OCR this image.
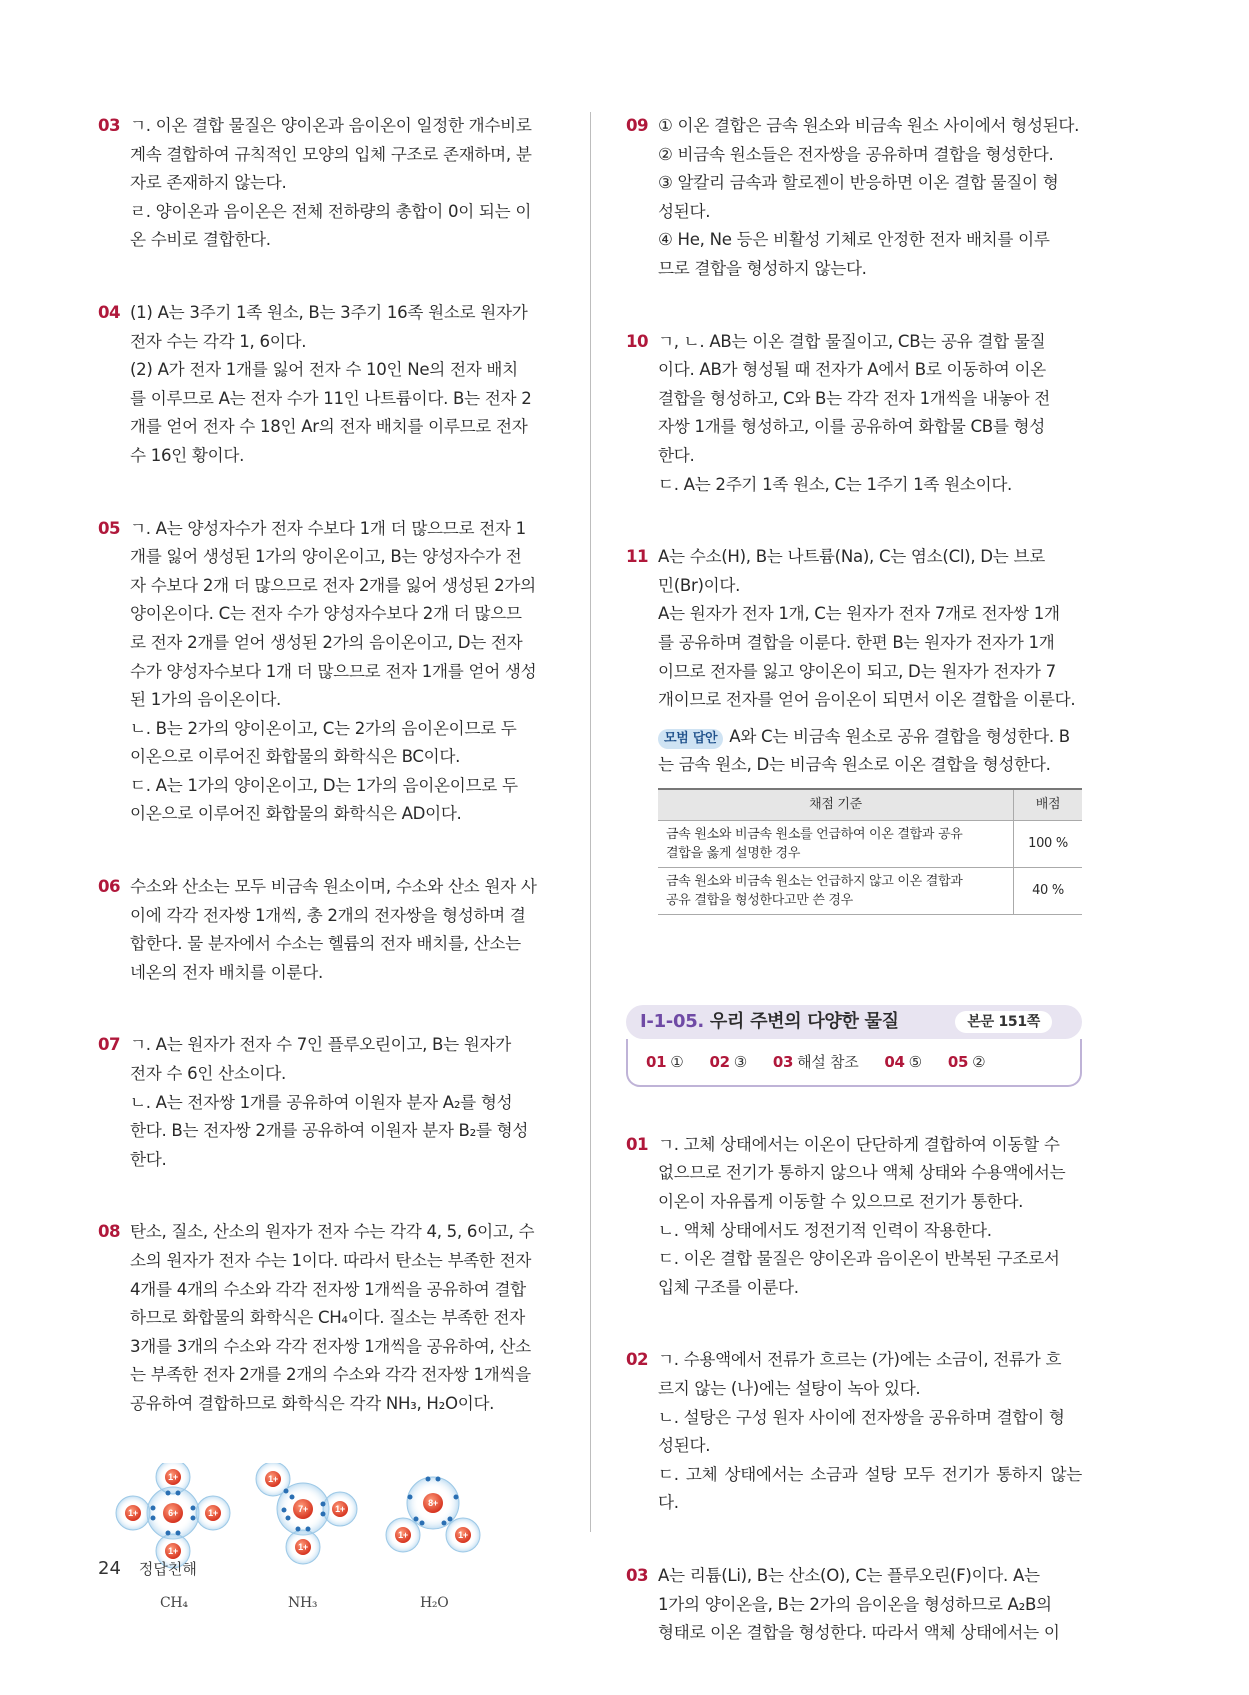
03 ㄱ. 이온 결합 물질은 양이온과 음이온이 일정한 개수비로
계속 결합하여 규칙적인 모양의 입체 구조로 존재하며, 분
자로 존재하지 않는다.
ㄹ. 양이온과 음이온은 전체 전하량의 총합이 0이 되는 이
온 수비로 결합한다.
04 (1) A는 3주기 1족 원소, B는 3주기 16족 원소로 원자가
전자 수는 각각 1, 6이다.
(2) A가 전자 1개를 잃어 전자 수 10인 Ne의 전자 배치
를 이루므로 A는 전자 수가 11인 나트륨이다. B는 전자 2
개를 얻어 전자 수 18인 Ar의 전자 배치를 이루므로 전자
수 16인 황이다.
05 ㄱ. A는 양성자수가 전자 수보다 1개 더 많으므로 전자 1
개를 잃어 생성된 1가의 양이온이고, B는 양성자수가 전
자 수보다 2개 더 많으므로 전자 2개를 잃어 생성된 2가의
양이온이다. C는 전자 수가 양성자수보다 2개 더 많으므
로 전자 2개를 얻어 생성된 2가의 음이온이고, D는 전자
수가 양성자수보다 1개 더 많으므로 전자 1개를 얻어 생성
된 1가의 음이온이다.
ㄴ. B는 2가의 양이온이고, C는 2가의 음이온이므로 두
이온으로 이루어진 화합물의 화학식은 BC이다.
ㄷ. A는 1가의 양이온이고, D는 1가의 음이온이므로 두
이온으로 이루어진 화합물의 화학식은 AD이다.
06 수소와 산소는 모두 비금속 원소이며, 수소와 산소 원자 사
이에 각각 전자쌍 1개씩, 총 2개의 전자쌍을 형성하며 결
합한다. 물 분자에서 수소는 헬륨의 전자 배치를, 산소는
네온의 전자 배치를 이룬다.
07 ㄱ. A는 원자가 전자 수 7인 플루오린이고, B는 원자가
전자 수 6인 산소이다.
ㄴ. A는 전자쌍 1개를 공유하여 이원자 분자 A₂를 형성
한다. B는 전자쌍 2개를 공유하여 이원자 분자 B₂를 형성
한다.
08 탄소, 질소, 산소의 원자가 전자 수는 각각 4, 5, 6이고, 수
소의 원자가 전자 수는 1이다. 따라서 탄소는 부족한 전자
4개를 4개의 수소와 각각 전자쌍 1개씩을 공유하여 결합
하므로 화합물의 화학식은 CH₄이다. 질소는 부족한 전자
3개를 3개의 수소와 각각 전자쌍 1개씩을 공유하여, 산소
는 부족한 전자 2개를 2개의 수소와 각각 전자쌍 1개씩을
공유하여 결합하므로 화학식은 각각 NH₃, H₂O이다.
6+
1+
1+
1+	1+	7+
1+
1+
1+
8+
1+	1+
CH₄	NH₃	H₂O
09 ① 이온 결합은 금속 원소와 비금속 원소 사이에서 형성된다.
② 비금속 원소들은 전자쌍을 공유하며 결합을 형성한다.
③ 알칼리 금속과 할로젠이 반응하면 이온 결합 물질이 형
성된다.
④ He, Ne 등은 비활성 기체로 안정한 전자 배치를 이루
므로 결합을 형성하지 않는다.
10 ㄱ, ㄴ. AB는 이온 결합 물질이고, CB는 공유 결합 물질
이다. AB가 형성될 때 전자가 A에서 B로 이동하여 이온
결합을 형성하고, C와 B는 각각 전자 1개씩을 내놓아 전
자쌍 1개를 형성하고, 이를 공유하여 화합물 CB를 형성
한다.
ㄷ. A는 2주기 1족 원소, C는 1주기 1족 원소이다.
11 A는 수소(H), B는 나트륨(Na), C는 염소(Cl), D는 브로
민(Br)이다.
A는 원자가 전자 1개, C는 원자가 전자 7개로 전자쌍 1개
를 공유하며 결합을 이룬다. 한편 B는 원자가 전자가 1개
이므로 전자를 잃고 양이온이 되고, D는 원자가 전자가 7
개이므로 전자를 얻어 음이온이 되면서 이온 결합을 이룬다.
모범 답안 A와 C는 비금속 원소로 공유 결합을 형성한다. B
는 금속 원소, D는 비금속 원소로 이온 결합을 형성한다.
채점 기준	배점

금속 원소와 비금속 원소를 언급하여 이온 결합과 공유
결합을 옳게 설명한 경우	100 %

금속 원소와 비금속 원소는 언급하지 않고 이온 결합과
공유 결합을 형성한다고만 쓴 경우	40 %
Ⅰ-1-05. 우리 주변의 다양한 물질	본문 151쪽
01 ① 02 ③ 03 해설 참조 04 ⑤ 05 ②
01 ㄱ. 고체 상태에서는 이온이 단단하게 결합하여 이동할 수
없으므로 전기가 통하지 않으나 액체 상태와 수용액에서는
이온이 자유롭게 이동할 수 있으므로 전기가 통한다.
ㄴ. 액체 상태에서도 정전기적 인력이 작용한다.
ㄷ. 이온 결합 물질은 양이온과 음이온이 반복된 구조로서
입체 구조를 이룬다.
02 ㄱ. 수용액에서 전류가 흐르는 (가)에는 소금이, 전류가 흐
르지 않는 (나)에는 설탕이 녹아 있다.
ㄴ. 설탕은 구성 원자 사이에 전자쌍을 공유하며 결합이 형
성된다.
ㄷ. 고체 상태에서는 소금과 설탕 모두 전기가 통하지 않는다.
03 A는 리튬(Li), B는 산소(O), C는 플루오린(F)이다. A는
1가의 양이온을, B는 2가의 음이온을 형성하므로 A₂B의
형태로 이온 결합을 형성한다. 따라서 액체 상태에서는 이
24 정답친해
